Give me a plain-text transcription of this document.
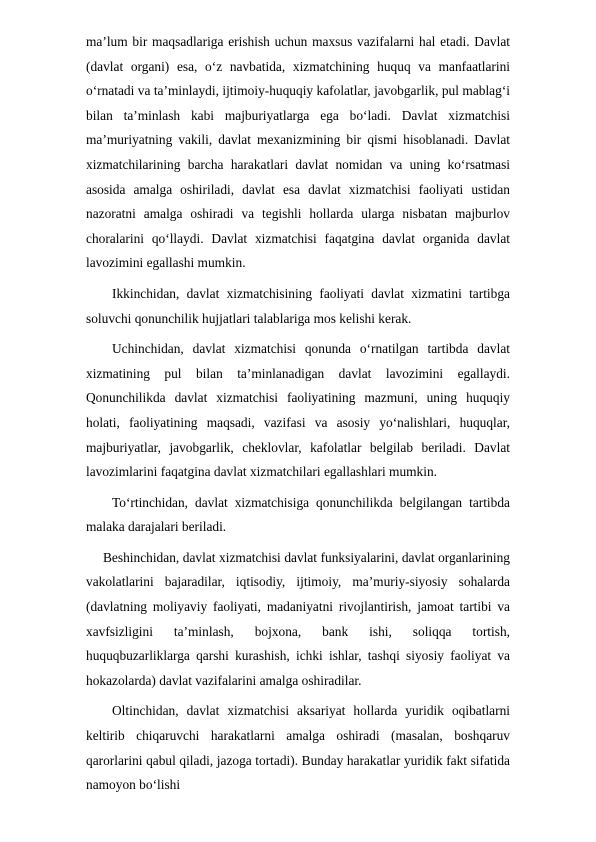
ma’lum bir maqsadlariga erishish uchun maxsus vazifalarni hal etadi. Davlat (davlat organi) esa, o‘z navbatida, xizmatchining huquq va manfaatlarini o‘rnatadi va ta’minlaydi, ijtimoiy-huquqiy kafolatlar, javobgarlik, pul mablag‘i bilan ta’minlash kabi majburiyatlarga ega bo‘ladi. Davlat xizmatchisi ma’muriyatning vakili, davlat mexanizmining bir qismi hisoblanadi. Davlat xizmatchilarining barcha harakatlari davlat nomidan va uning ko‘rsatmasi asosida amalga oshiriladi, davlat esa davlat xizmatchisi faoliyati ustidan nazoratni amalga oshiradi va tegishli hollarda ularga nisbatan majburlov choralarini qo‘llaydi. Davlat xizmatchisi faqatgina davlat organida davlat lavozimini egallashi mumkin.

Ikkinchidan, davlat xizmatchisining faoliyati davlat xizmatini tartibga soluvchi qonunchilik hujjatlari talablariga mos kelishi kerak.

Uchinchidan, davlat xizmatchisi qonunda o‘rnatilgan tartibda davlat xizmatining pul bilan ta’minlanadigan davlat lavozimini egallaydi. Qonunchilikda davlat xizmatchisi faoliyatining mazmuni, uning huquqiy holati, faoliyatining maqsadi, vazifasi va asosiy yo‘nalishlari, huquqlar, majburiyatlar, javobgarlik, cheklovlar, kafolatlar belgilab beriladi. Davlat lavozimlarini faqatgina davlat xizmatchilari egallashlari mumkin.

To‘rtinchidan, davlat xizmatchisiga qonunchilikda belgilangan tartibda malaka darajalari beriladi.

Beshinchidan, davlat xizmatchisi davlat funksiyalarini, davlat organlarining vakolatlarini bajaradilar, iqtisodiy, ijtimoiy, ma’muriy-siyosiy sohalarda (davlatning moliyaviy faoliyati, madaniyatni rivojlantirish, jamoat tartibi va xavfsizligini ta’minlash, bojxona, bank ishi, soliqqa tortish, huquqbuzarliklarga qarshi kurashish, ichki ishlar, tashqi siyosiy faoliyat va hokazolarda) davlat vazifalarini amalga oshiradilar.

Oltinchidan, davlat xizmatchisi aksariyat hollarda yuridik oqibatlarni keltirib chiqaruvchi harakatlarni amalga oshiradi (masalan, boshqaruv qarorlarini qabul qiladi, jazoga tortadi). Bunday harakatlar yuridik fakt sifatida namoyon bo‘lishi
